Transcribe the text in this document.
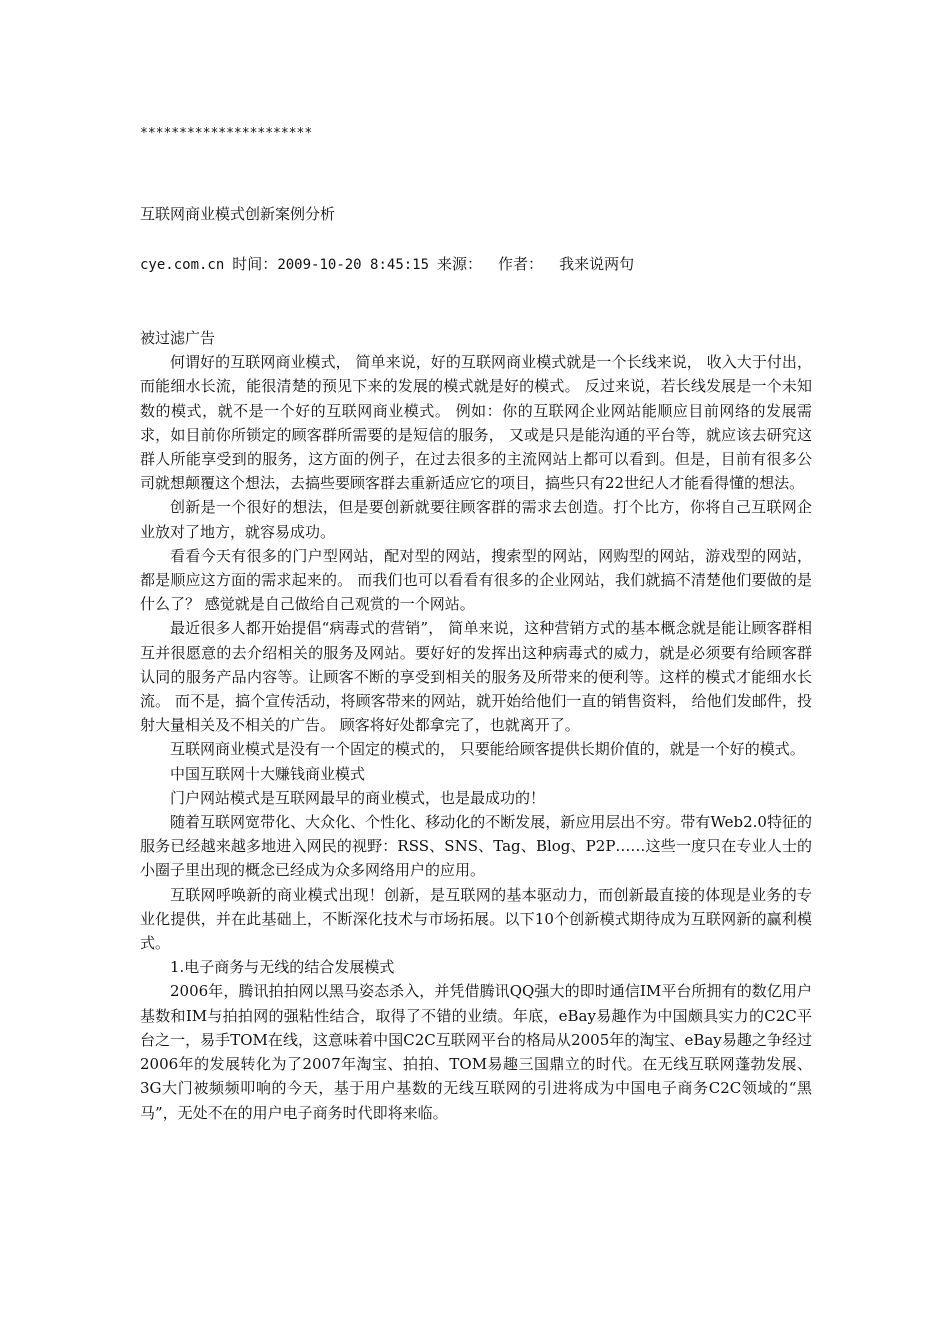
**********************
互联网商业模式创新案例分析
cye.com.cn 时间：2009-10-20 8:45:15 来源： 作者： 我来说两句

被过滤广告

何谓好的互联网商业模式， 简单来说，好的互联网商业模式就是一个长线来说， 收入大于付出，而能细水长流，能很清楚的预见下来的发展的模式就是好的模式。 反过来说，若长线发展是一个未知数的模式，就不是一个好的互联网商业模式。 例如：你的互联网企业网站能顺应目前网络的发展需求，如目前你所锁定的顾客群所需要的是短信的服务， 又或是只是能沟通的平台等，就应该去研究这群人所能享受到的服务，这方面的例子，在过去很多的主流网站上都可以看到。但是，目前有很多公司就想颠覆这个想法，去搞些要顾客群去重新适应它的项目，搞些只有22世纪人才能看得懂的想法。

创新是一个很好的想法，但是要创新就要往顾客群的需求去创造。打个比方，你将自己互联网企业放对了地方，就容易成功。

看看今天有很多的门户型网站，配对型的网站，搜索型的网站，网购型的网站，游戏型的网站，都是顺应这方面的需求起来的。 而我们也可以看看有很多的企业网站，我们就搞不清楚他们要做的是什么了？ 感觉就是自己做给自己观赏的一个网站。

最近很多人都开始提倡“病毒式的营销”， 简单来说，这种营销方式的基本概念就是能让顾客群相互并很愿意的去介绍相关的服务及网站。要好好的发挥出这种病毒式的威力，就是必须要有给顾客群认同的服务产品内容等。让顾客不断的享受到相关的服务及所带来的便利等。这样的模式才能细水长流。 而不是，搞个宣传活动，将顾客带来的网站，就开始给他们一直的销售资料， 给他们发邮件，投射大量相关及不相关的广告。 顾客将好处都拿完了，也就离开了。

互联网商业模式是没有一个固定的模式的， 只要能给顾客提供长期价值的，就是一个好的模式。

中国互联网十大赚钱商业模式

门户网站模式是互联网最早的商业模式，也是最成功的！

随着互联网宽带化、大众化、个性化、移动化的不断发展，新应用层出不穷。带有Web2.0特征的服务已经越来越多地进入网民的视野：RSS、SNS、Tag、Blog、P2P……这些一度只在专业人士的小圈子里出现的概念已经成为众多网络用户的应用。

互联网呼唤新的商业模式出现！创新，是互联网的基本驱动力，而创新最直接的体现是业务的专业化提供，并在此基础上，不断深化技术与市场拓展。以下10个创新模式期待成为互联网新的赢利模式。

1.电子商务与无线的结合发展模式

2006年，腾讯拍拍网以黑马姿态杀入，并凭借腾讯QQ强大的即时通信IM平台所拥有的数亿用户基数和IM与拍拍网的强粘性结合，取得了不错的业绩。年底，eBay易趣作为中国颇具实力的C2C平台之一，易手TOM在线，这意味着中国C2C互联网平台的格局从2005年的淘宝、eBay易趣之争经过2006年的发展转化为了2007年淘宝、拍拍、TOM易趣三国鼎立的时代。在无线互联网蓬勃发展、3G大门被频频叩响的今天，基于用户基数的无线互联网的引进将成为中国电子商务C2C领域的“黑马”，无处不在的用户电子商务时代即将来临。
